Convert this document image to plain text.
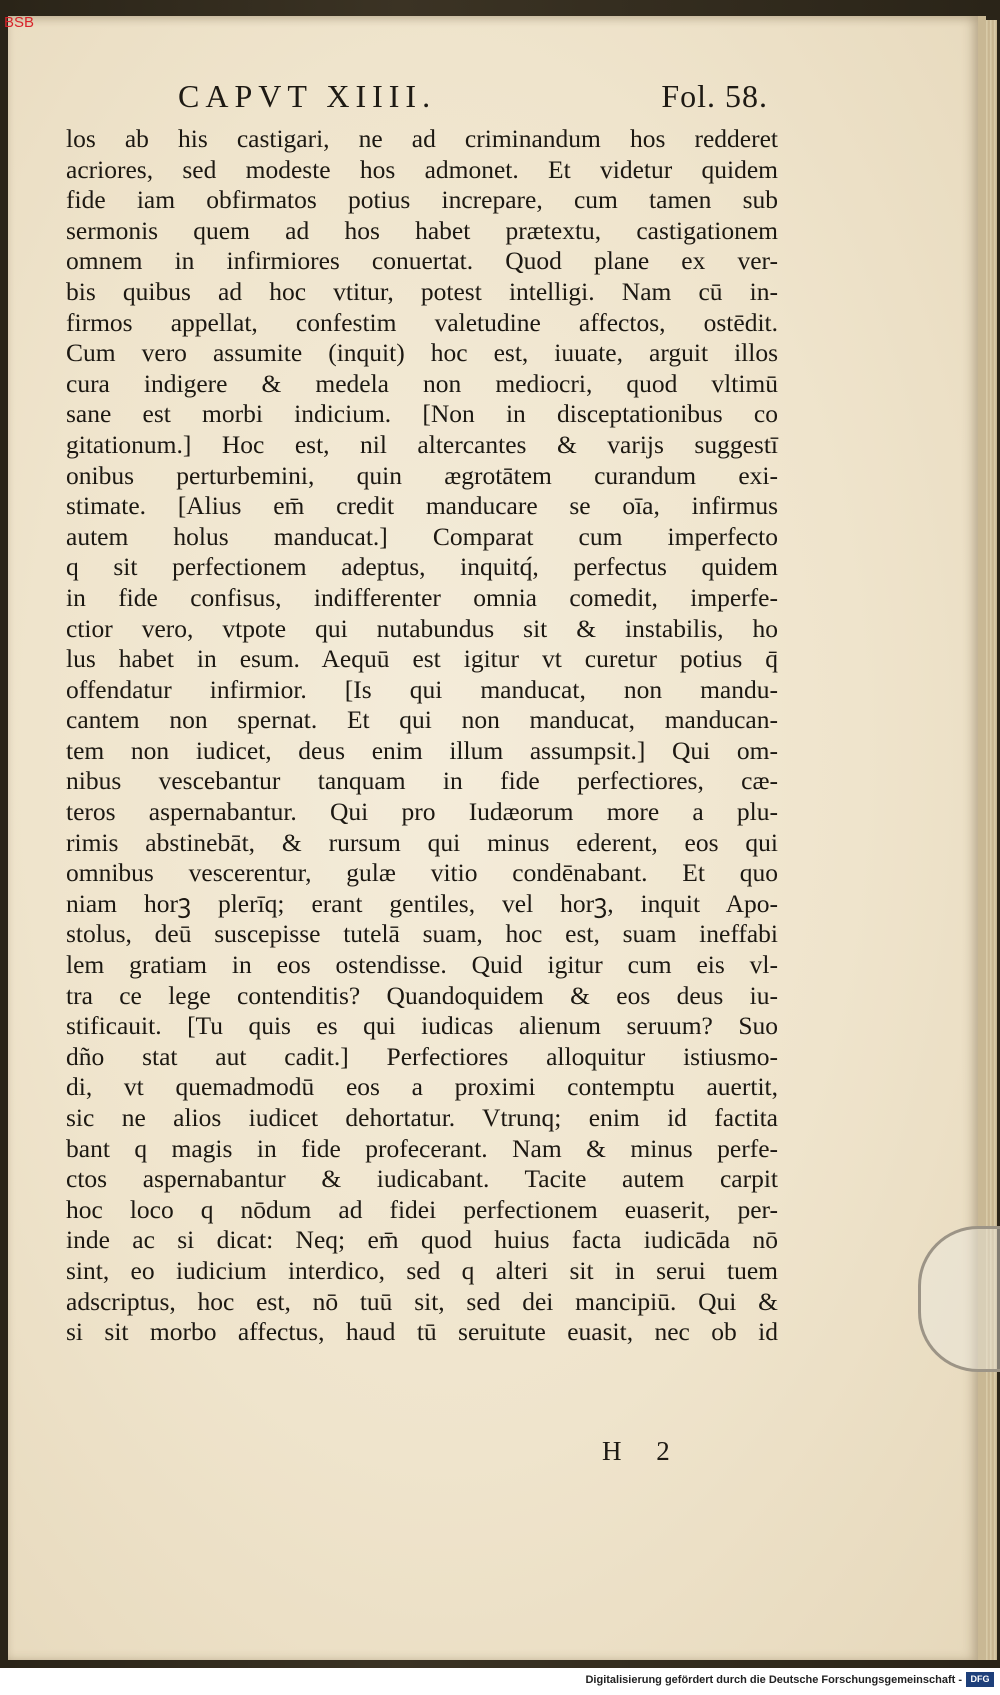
CAPVT XIIII.	Fol. 58.
los ab his castigari, ne ad criminandum hos redderet
acriores, sed modeste hos admonet. Et videtur quidem
fide iam obfirmatos potius increpare, cum tamen sub
sermonis quem ad hos habet prætextu, castigationem
omnem in infirmiores conuertat. Quod plane ex ver-
bis quibus ad hoc vtitur, potest intelligi. Nam cū in-
firmos appellat, confestim valetudine affectos, ostēdit.
Cum vero assumite (inquit) hoc est, iuuate, arguit illos
cura indigere & medela non mediocri, quod vltimū
sane est morbi indicium. [Non in disceptationibus co
gitationum.] Hoc est, nil altercantes & varijs suggestī
onibus perturbemini, quin ægrotātem curandum exi-
stimate. [Alius em̄ credit manducare se oīa, infirmus
autem holus manducat.] Comparat cum imperfecto
q sit perfectionem adeptus, inquitq́, perfectus quidem
in fide confisus, indifferenter omnia comedit, imperfe-
ctior vero, vtpote qui nutabundus sit & instabilis, ho
lus habet in esum. Aequū est igitur vt curetur potius q̄
offendatur infirmior. [Is qui manducat, non mandu-
cantem non spernat. Et qui non manducat, manducan-
tem non iudicet, deus enim illum assumpsit.] Qui om-
nibus vescebantur tanquam in fide perfectiores, cæ-
teros aspernabantur. Qui pro Iudæorum more a plu-
rimis abstinebāt, & rursum qui minus ederent, eos qui
omnibus vescerentur, gulæ vitio condēnabant. Et quo
niam horꝫ plerīq; erant gentiles, vel horꝫ, inquit Apo-
stolus, deū suscepisse tutelā suam, hoc est, suam ineffabi
lem gratiam in eos ostendisse. Quid igitur cum eis vl-
tra ce lege contenditis? Quandoquidem & eos deus iu-
stificauit. [Tu quis es qui iudicas alienum seruum? Suo
dño stat aut cadit.] Perfectiores alloquitur istiusmo-
di, vt quemadmodū eos a proximi contemptu auertit,
sic ne alios iudicet dehortatur. Vtrunq; enim id factita
bant q magis in fide profecerant. Nam & minus perfe-
ctos aspernabantur & iudicabant. Tacite autem carpit
hoc loco q nōdum ad fidei perfectionem euaserit, per-
inde ac si dicat: Neq; em̄ quod huius facta iudicāda nō
sint, eo iudicium interdico, sed q alteri sit in serui tuem
adscriptus, hoc est, nō tuū sit, sed dei mancipiū. Qui &
si sit morbo affectus, haud tū seruitute euasit, nec ob id
H 2
BSB
Digitalisierung gefördert durch die Deutsche Forschungsgemeinschaft - DFG
